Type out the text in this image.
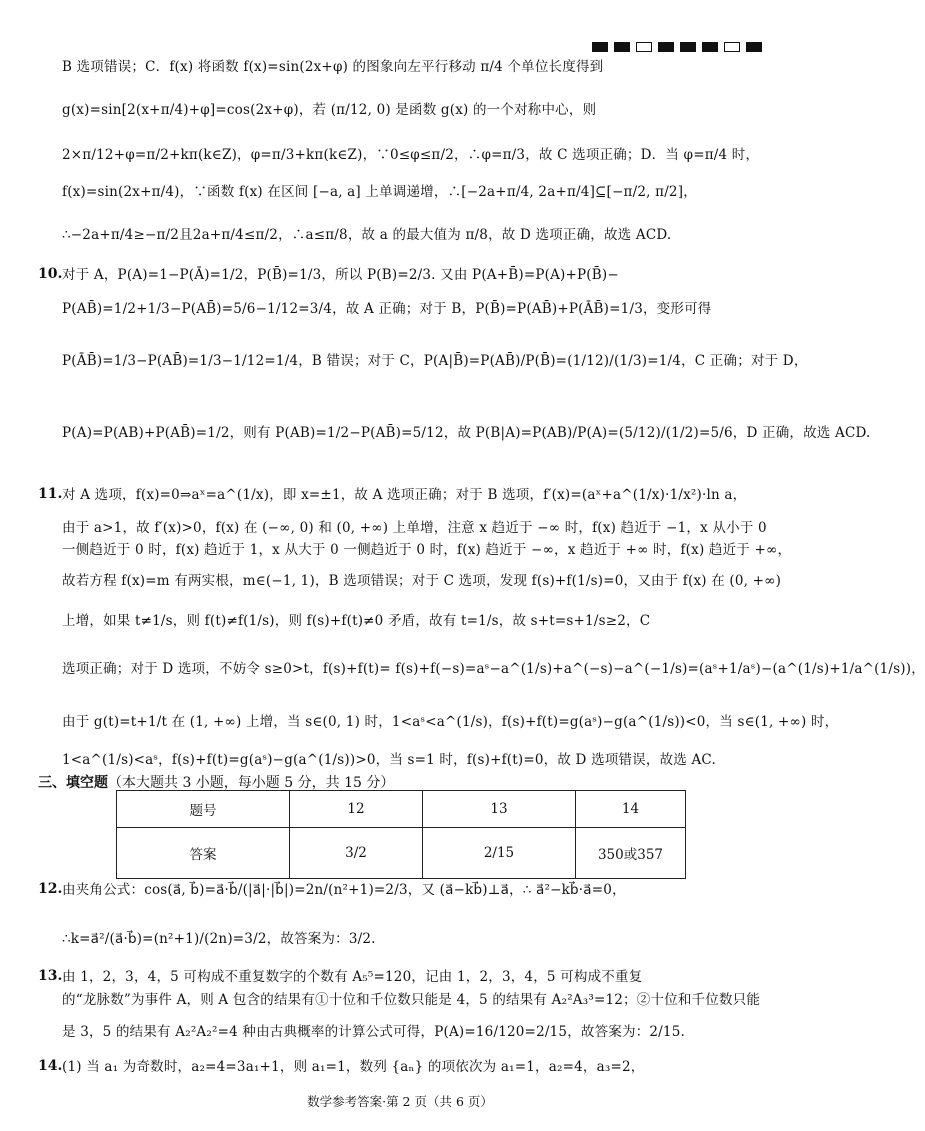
B 选项错误；C．f(x) 将函数 f(x)=sin(2x+φ) 的图象向左平行移动 π/4 个单位长度得到
g(x)=sin[2(x+π/4)+φ]=cos(2x+φ)，若 (π/12, 0) 是函数 g(x) 的一个对称中心，则
2×π/12+φ=π/2+kπ(k∈Z)，φ=π/3+kπ(k∈Z)，∵0≤φ≤π/2，∴φ=π/3，故 C 选项正确；D．当 φ=π/4 时，
f(x)=sin(2x+π/4)，∵函数 f(x) 在区间 [−a, a] 上单调递增，∴[−2a+π/4, 2a+π/4]⊆[−π/2, π/2]，
∴−2a+π/4≥−π/2且2a+π/4≤π/2，∴a≤π/8，故 a 的最大值为 π/8，故 D 选项正确，故选 ACD.
对于 A，P(A)=1−P(Ā)=1/2，P(B̄)=1/3，所以 P(B)=2/3. 又由 P(A+B̄)=P(A)+P(B̄)−
P(AB̄)=1/2+1/3−P(AB̄)=5/6−1/12=3/4，故 A 正确；对于 B，P(B̄)=P(AB̄)+P(ĀB̄)=1/3，变形可得
P(ĀB̄)=1/3−P(AB̄)=1/3−1/12=1/4，B 错误；对于 C，P(A|B̄)=P(AB̄)/P(B̄)=(1/12)/(1/3)=1/4，C 正确；对于 D，
P(A)=P(AB)+P(AB̄)=1/2，则有 P(AB)=1/2−P(AB̄)=5/12，故 P(B|A)=P(AB)/P(A)=(5/12)/(1/2)=5/6，D 正确，故选 ACD.
对 A 选项，f(x)=0⇒aˣ=a^(1/x)，即 x=±1，故 A 选项正确；对于 B 选项，f′(x)=(aˣ+a^(1/x)·1/x²)·ln a，
由于 a>1，故 f′(x)>0，f(x) 在 (−∞, 0) 和 (0, +∞) 上单增，注意 x 趋近于 −∞ 时，f(x) 趋近于 −1，x 从小于 0
一侧趋近于 0 时，f(x) 趋近于 1，x 从大于 0 一侧趋近于 0 时，f(x) 趋近于 −∞，x 趋近于 +∞ 时，f(x) 趋近于 +∞，
故若方程 f(x)=m 有两实根，m∈(−1, 1)，B 选项错误；对于 C 选项，发现 f(s)+f(1/s)=0，又由于 f(x) 在 (0, +∞)
上增，如果 t≠1/s，则 f(t)≠f(1/s)，则 f(s)+f(t)≠0 矛盾，故有 t=1/s，故 s+t=s+1/s≥2，C
选项正确；对于 D 选项，不妨令 s≥0>t，f(s)+f(t)= f(s)+f(−s)=aˢ−a^(1/s)+a^(−s)−a^(−1/s)=(aˢ+1/aˢ)−(a^(1/s)+1/a^(1/s))，
由于 g(t)=t+1/t 在 (1, +∞) 上增，当 s∈(0, 1) 时，1<aˢ<a^(1/s)，f(s)+f(t)=g(aˢ)−g(a^(1/s))<0，当 s∈(1, +∞) 时，
1<a^(1/s)<aˢ，f(s)+f(t)=g(aˢ)−g(a^(1/s))>0，当 s=1 时，f(s)+f(t)=0，故 D 选项错误，故选 AC.
由夹角公式：cos(a⃗, b⃗)=a⃗·b⃗/(|a⃗|·|b⃗|)=2n/(n²+1)=2/3，又 (a⃗−kb⃗)⊥a⃗，∴ a⃗²−kb⃗·a⃗=0，
∴k=a⃗²/(a⃗·b⃗)=(n²+1)/(2n)=3/2，故答案为：3/2.
由 1，2，3，4，5 可构成不重复数字的个数有 A₅⁵=120，记由 1，2，3，4，5 可构成不重复
的“龙脉数”为事件 A，则 A 包含的结果有①十位和千位数只能是 4，5 的结果有 A₂²A₃³=12；②十位和千位数只能
是 3，5 的结果有 A₂²A₂²=4 种由古典概率的计算公式可得，P(A)=16/120=2/15，故答案为：2/15.
(1) 当 a₁ 为奇数时，a₂=4=3a₁+1，则 a₁=1，数列 {aₙ} 的项依次为 a₁=1，a₂=4，a₃=2，
10.
11.
12.
13.
14.
三、填空题（本大题共 3 小题，每小题 5 分，共 15 分）
题号	12	13	14
答案	3/2	2/15	350或357
数学参考答案·第 2 页（共 6 页）
